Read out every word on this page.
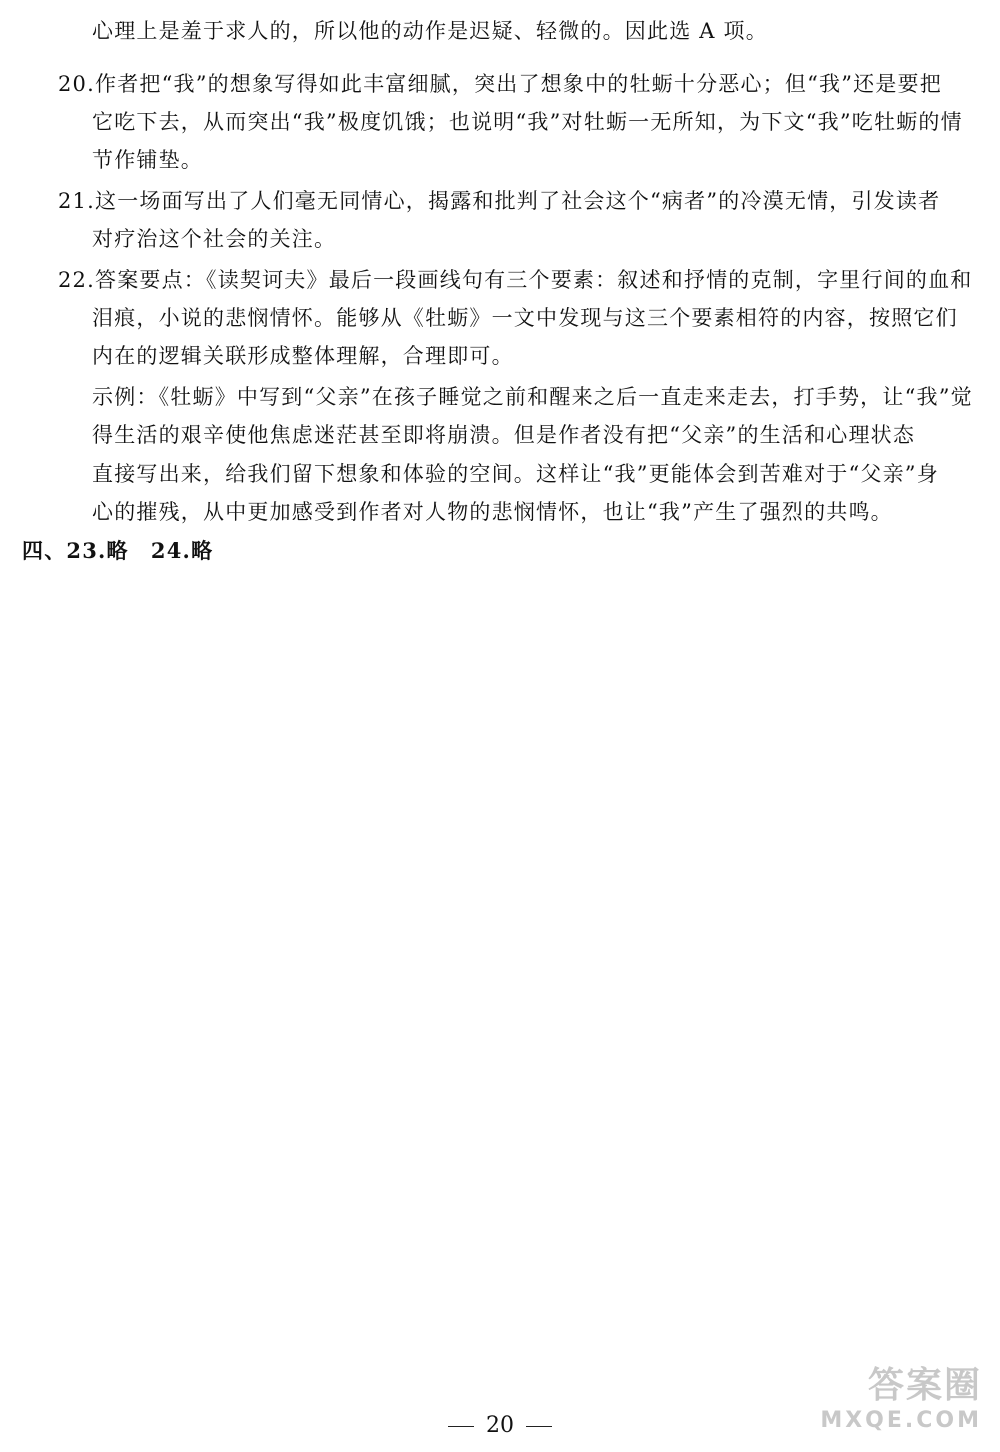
心理上是羞于求人的，所以他的动作是迟疑、轻微的。因此选 A 项。
20.作者把“我”的想象写得如此丰富细腻，突出了想象中的牡蛎十分恶心；但“我”还是要把
它吃下去，从而突出“我”极度饥饿；也说明“我”对牡蛎一无所知，为下文“我”吃牡蛎的情
节作铺垫。
21.这一场面写出了人们毫无同情心，揭露和批判了社会这个“病者”的冷漠无情，引发读者
对疗治这个社会的关注。
22.答案要点：《读契诃夫》最后一段画线句有三个要素：叙述和抒情的克制，字里行间的血和
泪痕，小说的悲悯情怀。能够从《牡蛎》一文中发现与这三个要素相符的内容，按照它们
内在的逻辑关联形成整体理解，合理即可。
示例：《牡蛎》中写到“父亲”在孩子睡觉之前和醒来之后一直走来走去，打手势，让“我”觉
得生活的艰辛使他焦虑迷茫甚至即将崩溃。但是作者没有把“父亲”的生活和心理状态
直接写出来，给我们留下想象和体验的空间。这样让“我”更能体会到苦难对于“父亲”身
心的摧残，从中更加感受到作者对人物的悲悯情怀，也让“我”产生了强烈的共鸣。
四、23.略　24.略
20
答案圈
MXQE.COM
